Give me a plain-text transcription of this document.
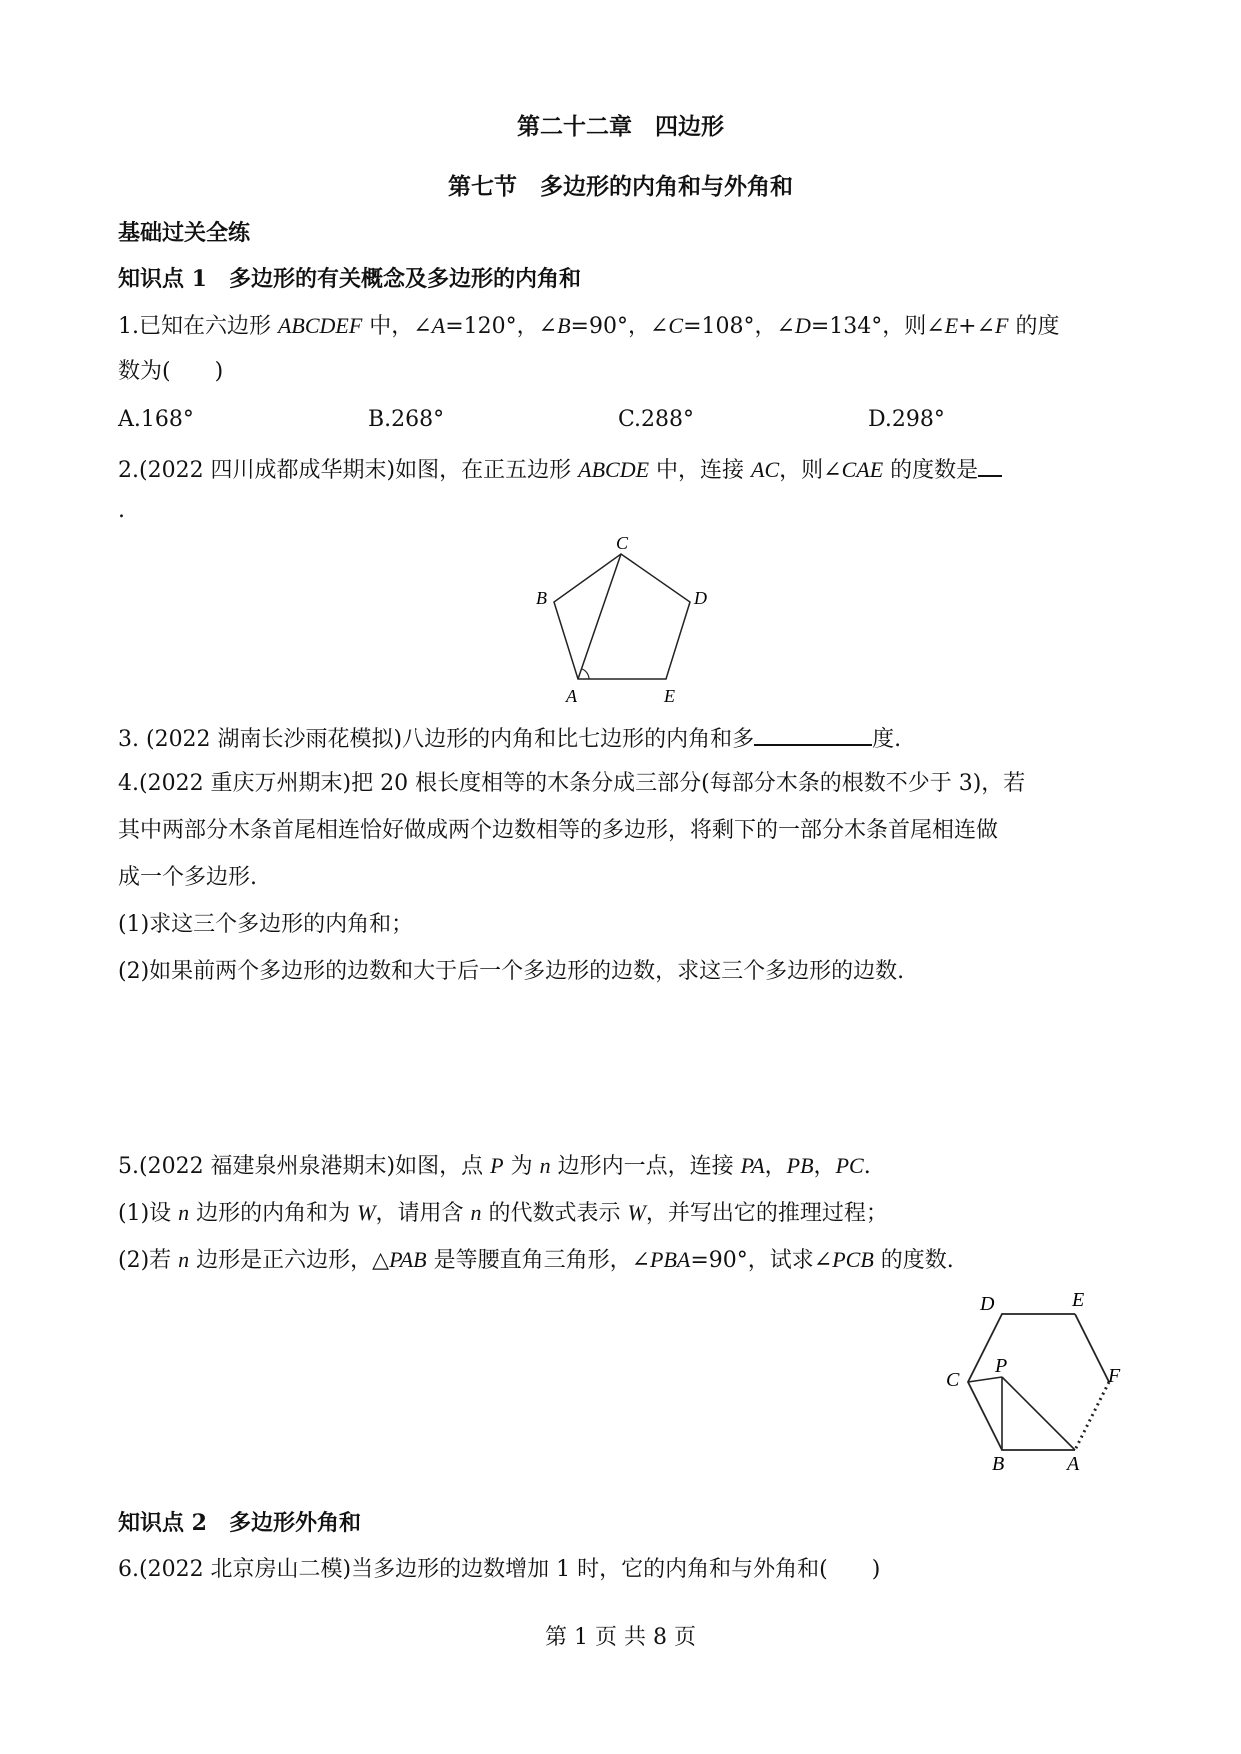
第二十二章　四边形
第七节　多边形的内角和与外角和
基础过关全练
知识点 1　多边形的有关概念及多边形的内角和
1.已知在六边形 ABCDEF 中，∠A=120°，∠B=90°，∠C=108°，∠D=134°，则∠E+∠F 的度
数为(　　)
A.168°	B.268°	C.288°	D.298°
2.(2022 四川成都成华期末)如图，在正五边形 ABCDE 中，连接 AC，则∠CAE 的度数是
.
A
B
C
D
E
3. (2022 湖南长沙雨花模拟)八边形的内角和比七边形的内角和多	度.
4.(2022 重庆万州期末)把 20 根长度相等的木条分成三部分(每部分木条的根数不少于 3)，若
其中两部分木条首尾相连恰好做成两个边数相等的多边形，将剩下的一部分木条首尾相连做
成一个多边形.
(1)求这三个多边形的内角和；
(2)如果前两个多边形的边数和大于后一个多边形的边数，求这三个多边形的边数.
5.(2022 福建泉州泉港期末)如图，点 P 为 n 边形内一点，连接 PA，PB，PC.
(1)设 n 边形的内角和为 W，请用含 n 的代数式表示 W，并写出它的推理过程；
(2)若 n 边形是正六边形，△PAB 是等腰直角三角形，∠PBA=90°，试求∠PCB 的度数.
D	E
F
C
P
B	A
知识点 2　多边形外角和
6.(2022 北京房山二模)当多边形的边数增加 1 时，它的内角和与外角和(　　)
第 1 页 共 8 页
